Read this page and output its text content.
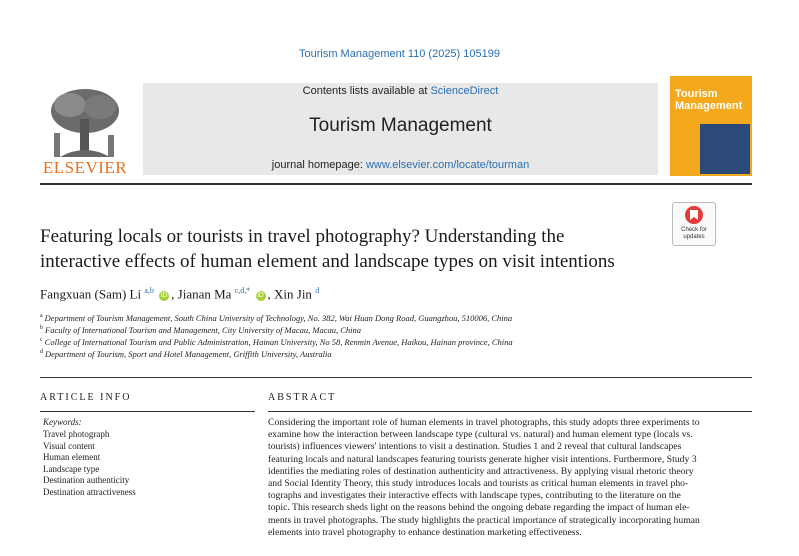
Tourism Management 110 (2025) 105199
ELSEVIER
Contents lists available at ScienceDirect
Tourism Management
journal homepage: www.elsevier.com/locate/tourman
Tourism
Management
Check for updates
Featuring locals or tourists in travel photography? Understanding the
interactive effects of human element and landscape types on visit intentions
Fangxuan (Sam) Li $^{a,b}$ iD , Jianan Ma $^{c,d,*}$ iD , Xin Jin $^d$
$^a$ Department of Tourism Management, South China University of Technology, No. 382, Wai Huan Dong Road, Guangzhou, 510006, China
$^b$ Faculty of International Tourism and Management, City University of Macau, Macau, China
$^c$ College of International Tourism and Public Administration, Hainan University, No 58, Renmin Avenue, Haikou, Hainan province, China
$^d$ Department of Tourism, Sport and Hotel Management, Griffith University, Australia
ARTICLE INFO	ABSTRACT
Keywords:
Travel photograph
Visual content
Human element
Landscape type
Destination authenticity
Destination attractiveness
Considering the important role of human elements in travel photographs, this study adopts three experiments to
examine how the interaction between landscape type (cultural vs. natural) and human element type (locals vs.
tourists) influences viewers' intentions to visit a destination. Studies 1 and 2 reveal that cultural landscapes
featuring locals and natural landscapes featuring tourists generate higher visit intentions. Furthermore, Study 3
identifies the mediating roles of destination authenticity and attractiveness. By applying visual rhetoric theory
and Social Identity Theory, this study introduces locals and tourists as critical human elements in travel pho-
tographs and investigates their interactive effects with landscape types, contributing to the literature on the
topic. This research sheds light on the reasons behind the ongoing debate regarding the impact of human ele-
ments in travel photographs. The study highlights the practical importance of strategically incorporating human
elements into travel photography to enhance destination marketing effectiveness.
